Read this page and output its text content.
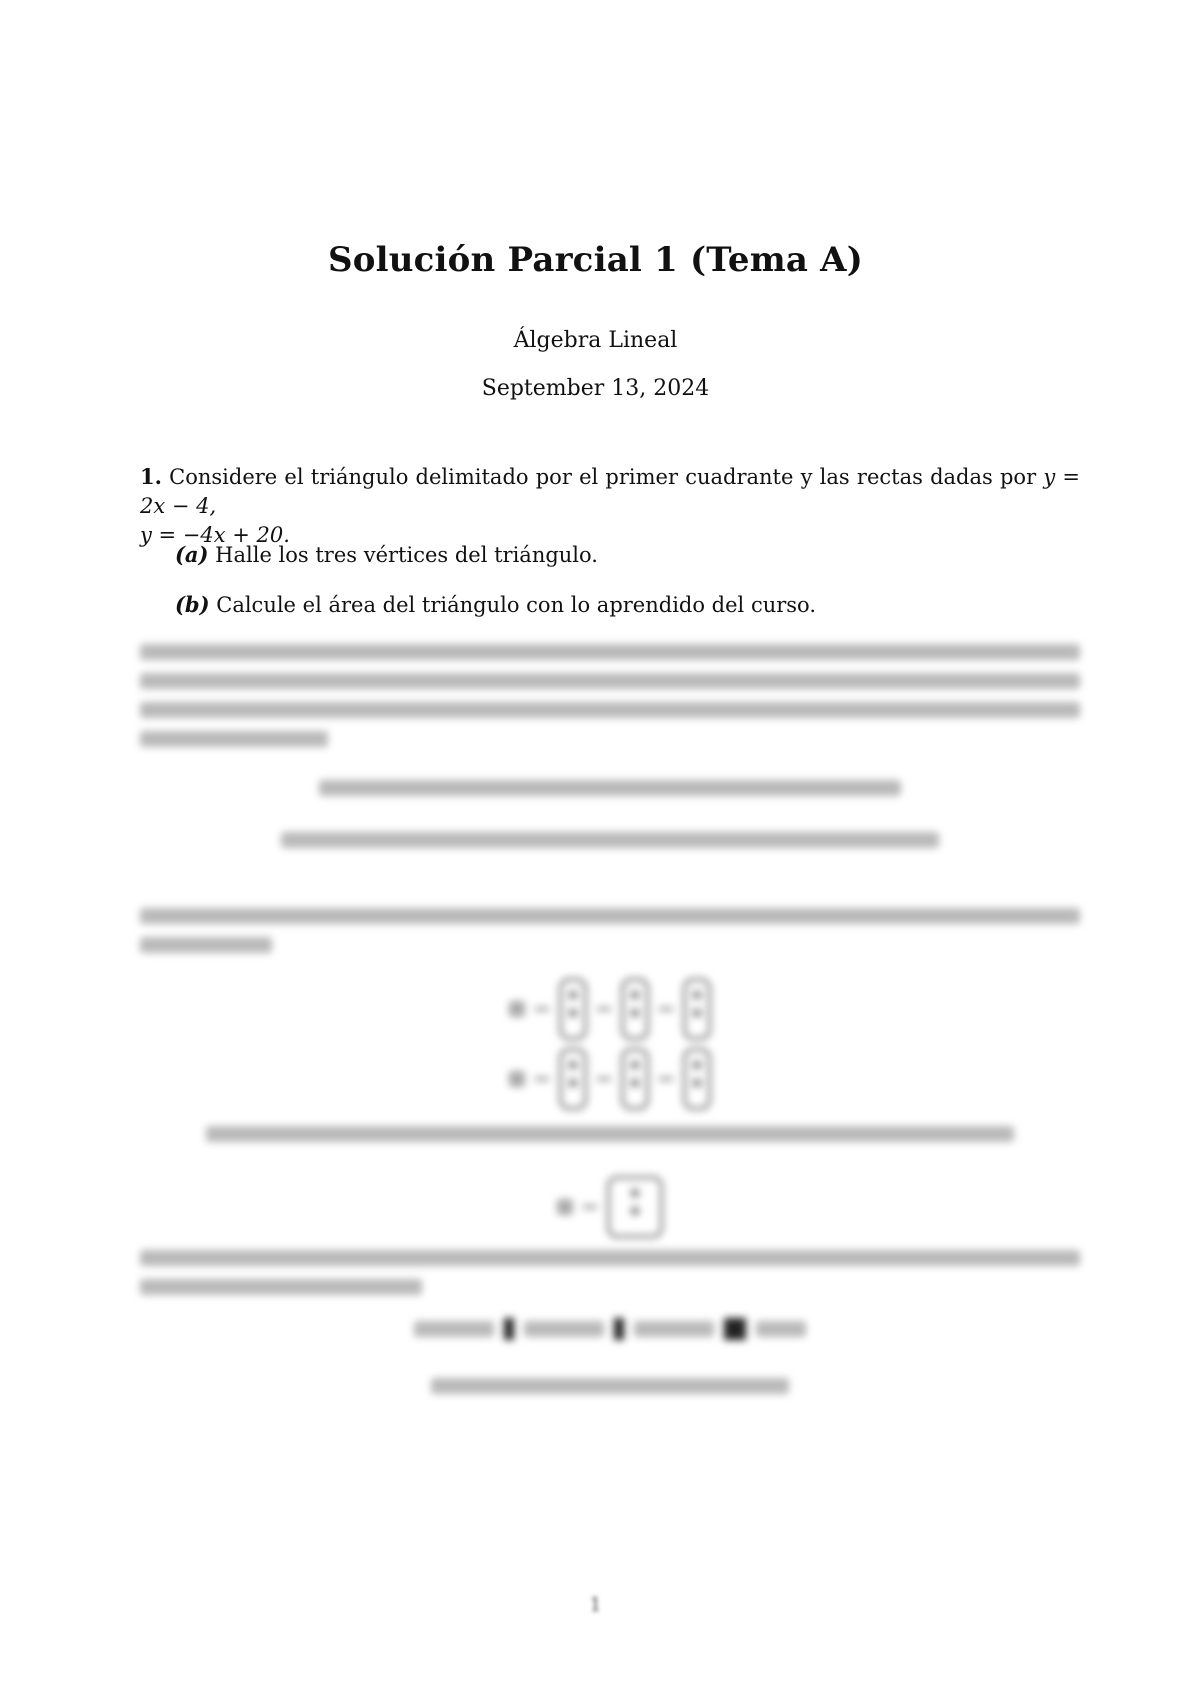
Solución Parcial 1 (Tema A)
Álgebra Lineal
September 13, 2024
1. Considere el triángulo delimitado por el primer cuadrante y las rectas dadas por y = 2x − 4,
y = −4x + 20.
(a) Halle los tres vértices del triángulo.
(b) Calcule el área del triángulo con lo aprendido del curso.
1
